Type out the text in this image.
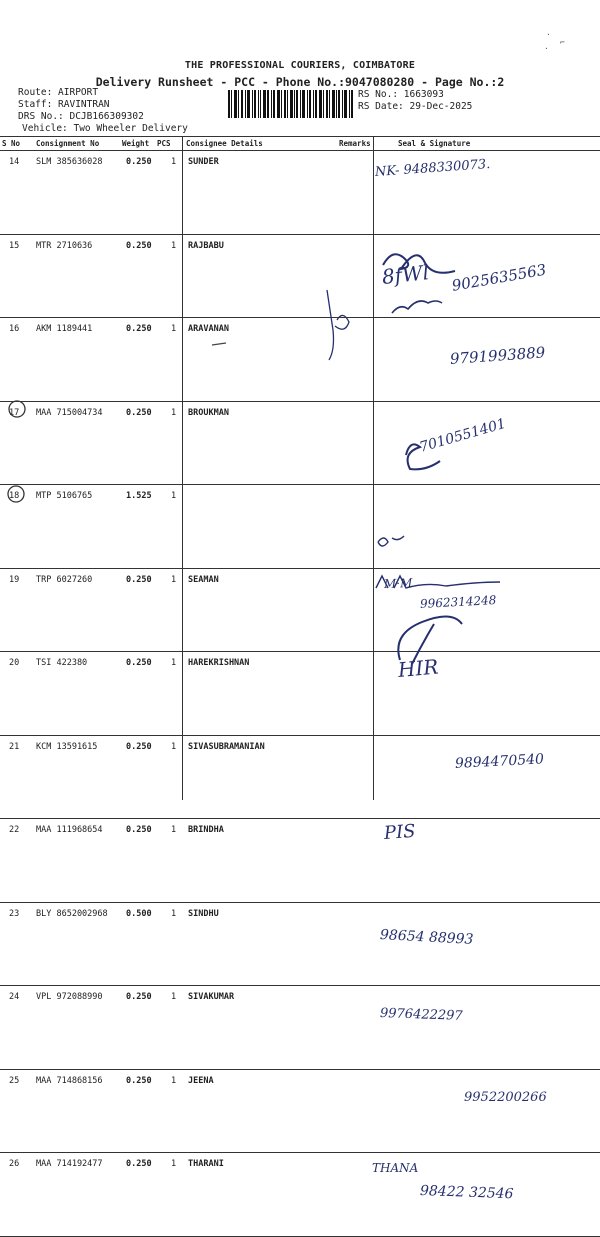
THE PROFESSIONAL COURIERS, COIMBATORE
Delivery Runsheet - PCC - Phone No.:9047080280 - Page No.:2
Route: AIRPORT
Staff: RAVINTRAN
DRS No.: DCJB166309302
Vehicle: Two Wheeler Delivery
RS No.: 1663093
RS Date: 29-Dec-2025
·
⌐
·
S No Consignment No	Weight PCS Consignee Details	Remarks	Seal & Signature
14 SLM 385636028	0.250 1 SUNDER	NK- 9488330073.
15 MTR 2710636	0.250 1 RAJBABU
8fWl 9025635563
16 AKM 1189441	0.250 1 ARAVANAN
9791993889
17 MAA 715004734	0.250 1 BROUKMAN
7010551401
18 MTP 5106765	1.525 1
19 TRP 6027260	0.250 1 SEAMAN	M·M
9962314248
20 TSI 422380	0.250 1 HAREKRISHNAN	HIR
21 KCM 13591615	0.250 1 SIVASUBRAMANIAN
9894470540
22 MAA 111968654	0.250 1 BRINDHA	PIS
23 BLY 8652002968 0.500 1 SINDHU
98654 88993
24 VPL 972088990	0.250 1 SIVAKUMAR
9976422297
25 MAA 714868156	0.250 1 JEENA
9952200266
26 MAA 714192477	0.250 1 THARANI	THANA
98422 32546
